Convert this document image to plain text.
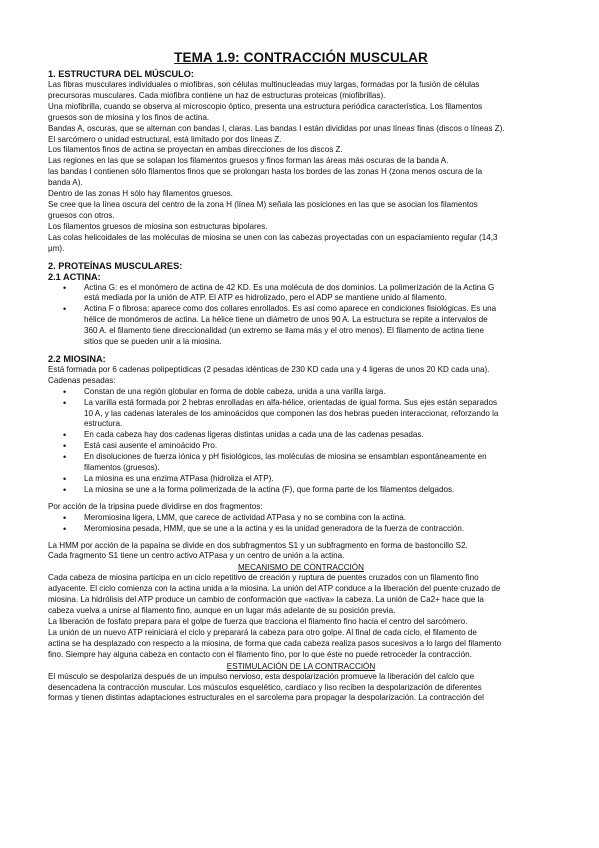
TEMA 1.9: CONTRACCIÓN MUSCULAR
1. ESTRUCTURA DEL MÚSCULO:
Las fibras musculares individuales o miofibras, son células multinucleadas muy largas, formadas por la fusión de células
precursoras musculares. Cada miofibra contiene un haz de estructuras proteicas (miofibrillas).
Una miofibrilla, cuando se observa al microscopio óptico, presenta una estructura periódica característica. Los filamentos
gruesos son de miosina y los finos de actina.
Bandas A, oscuras, que se alternan con bandas I, claras. Las bandas I están divididas por unas líneas finas (discos o líneas Z).
El sarcómero o unidad estructural, está limitado por dos líneas Z.
Los filamentos finos de actina se proyectan en ambas direcciones de los discos Z.
Las regiones en las que se solapan los filamentos gruesos y finos forman las áreas más oscuras de la banda A.
las bandas I contienen sólo filamentos finos que se prolongan hasta los bordes de las zonas H (zona menos oscura de la
banda A).
Dentro de las zonas H sólo hay filamentos gruesos.
Se cree que la línea oscura del centro de la zona H (línea M) señala las posiciones en las que se asocian los filamentos
gruesos con otros.
Los filamentos gruesos de miosina son estructuras bipolares.
Las colas helicoidales de las moléculas de miosina se unen con las cabezas proyectadas con un espaciamiento regular (14,3
µm).
2. PROTEÍNAS MUSCULARES:
2.1 ACTINA:
• Actina G: es el monómero de actina de 42 KD. Es una molécula de dos dominios. La polimerización de la Actina G
está mediada por la unión de ATP. El ATP es hidrolizado, pero el ADP se mantiene unido al filamento.
• Actina F o fibrosa: aparece como dos collares enrollados. Es así como aparece en condiciones fisiológicas. Es una
hélice de monómeros de actina. La hélice tiene un diámetro de unos 90 A. La estructura se repite a intervalos de
360 A. el filamento tiene direccionalidad (un extremo se llama más y el otro menos). El filamento de actina tiene
sitios que se pueden unir a la miosina.
2.2 MIOSINA:
Está formada por 6 cadenas polipeptídicas (2 pesadas idénticas de 230 KD cada una y 4 ligeras de unos 20 KD cada una).
Cadenas pesadas:
• Constan de una región globular en forma de doble cabeza, unida a una varilla larga.
• La varilla está formada por 2 hebras enrolladas en alfa-hélice, orientadas de igual forma. Sus ejes están separados
10 A, y las cadenas laterales de los aminoácidos que componen las dos hebras pueden interaccionar, reforzando la
estructura.
• En cada cabeza hay dos cadenas ligeras distintas unidas a cada una de las cadenas pesadas.
• Está casi ausente el aminoácido Pro.
• En disoluciones de fuerza iónica y pH fisiológicos, las moléculas de miosina se ensamblan espontáneamente en
filamentos (gruesos).
• La miosina es una enzima ATPasa (hidroliza el ATP).
• La miosina se une a la forma polimerizada de la actina (F), que forma parte de los filamentos delgados.
Por acción de la tripsina puede dividirse en dos fragmentos:
• Meromiosina ligera, LMM, que carece de actividad ATPasa y no se combina con la actina.
• Meromiosina pesada, HMM, que se une a la actina y es la unidad generadora de la fuerza de contracción.
La HMM por acción de la papaína se divide en dos subfragmentos S1 y un subfragmento en forma de bastoncillo S2.
Cada fragmento S1 tiene un centro activo ATPasa y un centro de unión a la actina.
MECANISMO DE CONTRACCIÓN
Cada cabeza de miosina participa en un ciclo repetitivo de creación y ruptura de puentes cruzados con un filamento fino
adyacente. El ciclo comienza con la actina unida a la miosina. La unión del ATP conduce a la liberación del puente cruzado de
miosina. La hidrólisis del ATP produce un cambio de conformación que «activa» la cabeza. La unión de Ca2+ hace que la
cabeza vuelva a unirse al filamento fino, aunque en un lugar más adelante de su posición previa.
La liberación de fosfato prepara para el golpe de fuerza que tracciona el filamento fino hacia el centro del sarcómero.
La unión de un nuevo ATP reiniciará el ciclo y preparará la cabeza para otro golpe. Al final de cada ciclo, el filamento de
actina se ha desplazado con respecto a la miosina, de forma que cada cabeza realiza pasos sucesivos a lo largo del filamento
fino. Siempre hay alguna cabeza en contacto con el filamento fino, por lo que éste no puede retroceder la contracción.
ESTIMULACIÓN DE LA CONTRACCIÓN
El músculo se despolariza después de un impulso nervioso, esta despolarización promueve la liberación del calcio que
desencadena la contracción muscular. Los músculos esquelético, cardíaco y liso reciben la despolarización de diferentes
formas y tienen distintas adaptaciones estructurales en el sarcolema para propagar la despolarización. La contracción del
